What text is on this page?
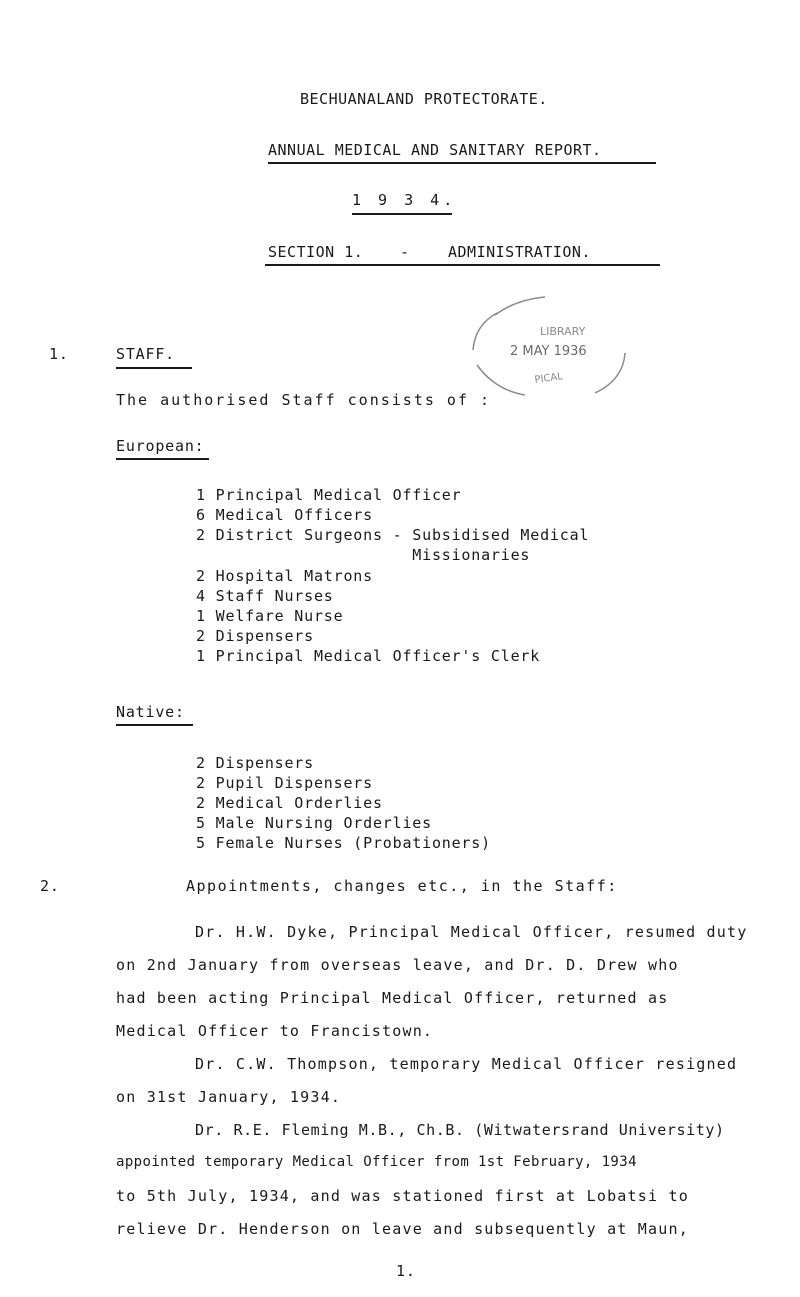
BECHUANALAND PROTECTORATE.
ANNUAL MEDICAL AND SANITARY REPORT.
1 9 3 4.
SECTION 1. -	ADMINISTRATION.
LIBRARY
2 MAY 1936
PICAL
1.	STAFF.
The authorised Staff consists of :
European:
1 Principal Medical Officer
6 Medical Officers
2 District Surgeons - Subsidised Medical
Missionaries
2 Hospital Matrons
4 Staff Nurses
1 Welfare Nurse
2 Dispensers
1 Principal Medical Officer's Clerk
Native:
2 Dispensers
2 Pupil Dispensers
2 Medical Orderlies
5 Male Nursing Orderlies
5 Female Nurses (Probationers)
2.	Appointments, changes etc., in the Staff:
Dr. H.W. Dyke, Principal Medical Officer, resumed duty
on 2nd January from overseas leave, and Dr. D. Drew who
had been acting Principal Medical Officer, returned as
Medical Officer to Francistown.
Dr. C.W. Thompson, temporary Medical Officer resigned
on 31st January, 1934.
Dr. R.E. Fleming M.B., Ch.B. (Witwatersrand University)
appointed temporary Medical Officer from 1st February, 1934
to 5th July, 1934, and was stationed first at Lobatsi to
relieve Dr. Henderson on leave and subsequently at Maun,
1.
